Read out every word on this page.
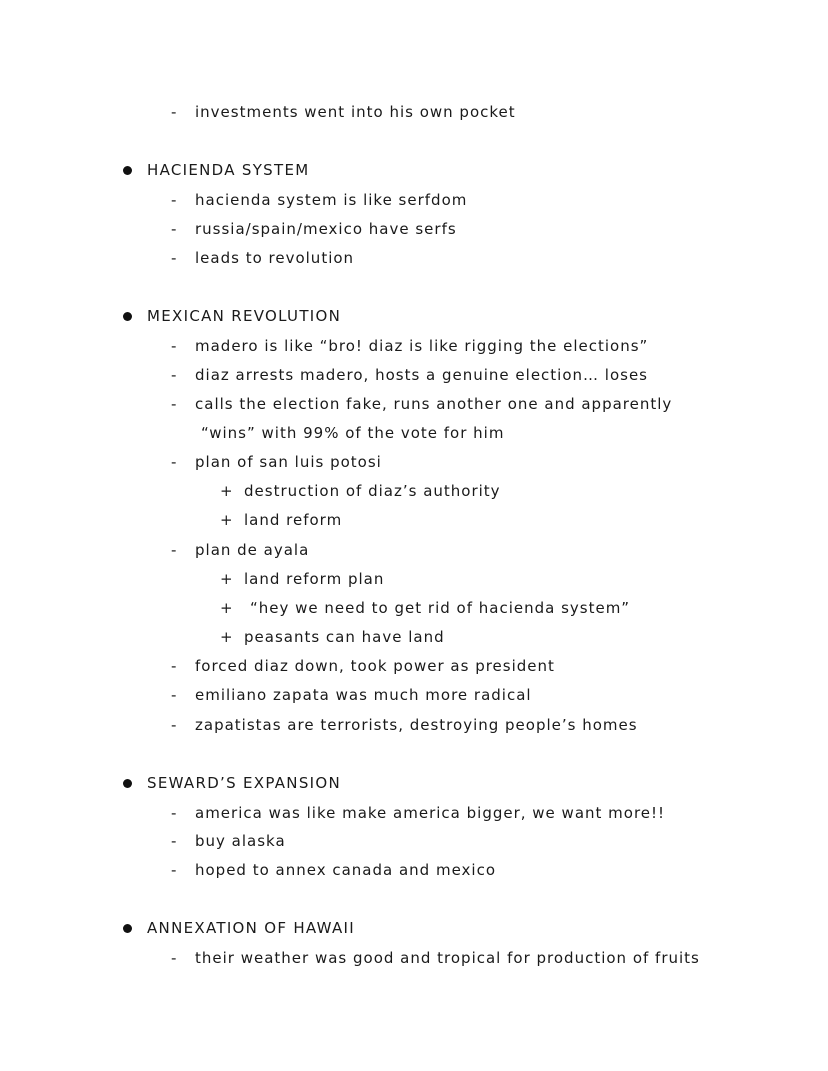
- investments went into his own pocket
HACIENDA SYSTEM
- hacienda system is like serfdom
- russia/spain/mexico have serfs
- leads to revolution
MEXICAN REVOLUTION
- madero is like “bro! diaz is like rigging the elections”
- diaz arrests madero, hosts a genuine election… loses
- calls the election fake, runs another one and apparently
“wins” with 99% of the vote for him
- plan of san luis potosi
+ destruction of diaz’s authority
+ land reform
- plan de ayala
+ land reform plan
+ “hey we need to get rid of hacienda system”
+ peasants can have land
- forced diaz down, took power as president
- emiliano zapata was much more radical
- zapatistas are terrorists, destroying people’s homes
SEWARD’S EXPANSION
- america was like make america bigger, we want more!!
- buy alaska
- hoped to annex canada and mexico
ANNEXATION OF HAWAII
- their weather was good and tropical for production of fruits
